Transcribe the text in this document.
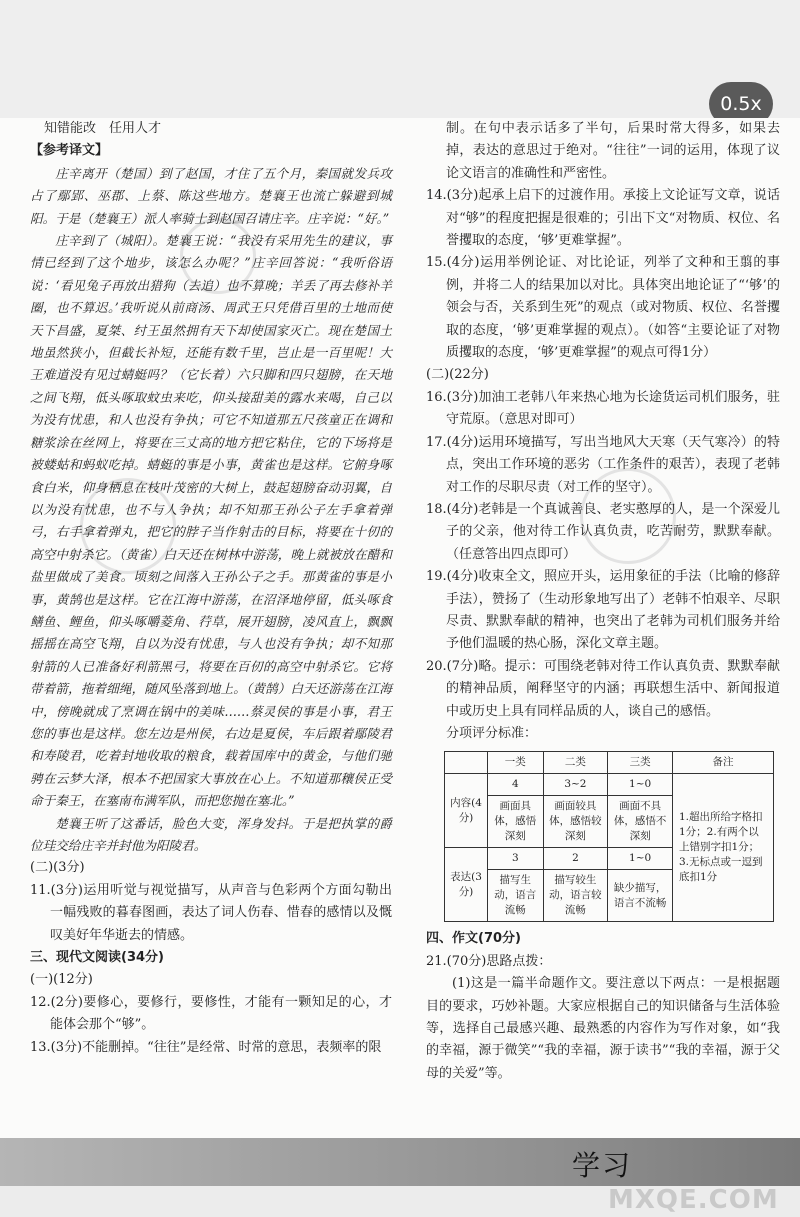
0.5x

知错能改　任用人才

【参考译文】

庄辛离开（楚国）到了赵国，才住了五个月，秦国就发兵攻占了鄢郢、巫郡、上蔡、陈这些地方。楚襄王也流亡躲避到城阳。于是（楚襄王）派人率骑士到赵国召请庄辛。庄辛说：“好。”

庄辛到了（城阳）。楚襄王说：“我没有采用先生的建议，事情已经到了这个地步，该怎么办呢？”庄辛回答说：“我听俗语说：‘看见兔子再放出猎狗（去追）也不算晚；羊丢了再去修补羊圈，也不算迟。’我听说从前商汤、周武王只凭借百里的土地而使天下昌盛，夏桀、纣王虽然拥有天下却使国家灭亡。现在楚国土地虽然狭小，但截长补短，还能有数千里，岂止是一百里呢！大王难道没有见过蜻蜓吗？（它长着）六只脚和四只翅膀，在天地之间飞翔，低头啄取蚊虫来吃，仰头接甜美的露水来喝，自己以为没有忧患，和人也没有争执；可它不知道那五尺孩童正在调和糖浆涂在丝网上，将要在三丈高的地方把它粘住，它的下场将是被蝼蛄和蚂蚁吃掉。蜻蜓的事是小事，黄雀也是这样。它俯身啄食白米，仰身栖息在枝叶茂密的大树上，鼓起翅膀奋动羽翼，自以为没有忧患，也不与人争执；却不知那王孙公子左手拿着弹弓，右手拿着弹丸，把它的脖子当作射击的目标，将要在十仞的高空中射杀它。（黄雀）白天还在树林中游荡，晚上就被放在醋和盐里做成了美食。顷刻之间落入王孙公子之手。那黄雀的事是小事，黄鹄也是这样。它在江海中游荡，在沼泽地停留，低头啄食鳝鱼、鲤鱼，仰头啄嚼菱角、荇草，展开翅膀，凌风直上，飘飘摇摇在高空飞翔，自以为没有忧患，与人也没有争执；却不知那射箭的人已准备好利箭黑弓，将要在百仞的高空中射杀它。它将带着箭，拖着细绳，随风坠落到地上。（黄鹄）白天还游荡在江海中，傍晚就成了烹调在锅中的美味……蔡灵侯的事是小事，君王您的事也是这样。您左边是州侯，右边是夏侯，车后跟着鄢陵君和寿陵君，吃着封地收取的粮食，载着国库中的黄金，与他们驰骋在云梦大泽，根本不把国家大事放在心上。不知道那穰侯正受命于秦王，在塞南布满军队，而把您抛在塞北。”

楚襄王听了这番话，脸色大变，浑身发抖。于是把执掌的爵位珪交给庄辛并封他为阳陵君。

(二)(3分)

11.(3分)运用听觉与视觉描写，从声音与色彩两个方面勾勒出一幅残败的暮春图画，表达了词人伤春、惜春的感情以及慨叹美好年华逝去的情感。

三、现代文阅读(34分)

(一)(12分)

12.(2分)要修心，要修行，要修性，才能有一颗知足的心，才能体会那个“够”。

13.(3分)不能删掉。“往往”是经常、时常的意思，表频率的限

制。在句中表示话多了半句，后果时常大得多，如果去掉，表达的意思过于绝对。“往往”一词的运用，体现了议论文语言的准确性和严密性。

14.(3分)起承上启下的过渡作用。承接上文论证写文章，说话对“够”的程度把握是很难的；引出下文“对物质、权位、名誉攫取的态度，‘够’更难掌握”。

15.(4分)运用举例论证、对比论证，列举了文种和王翦的事例，并将二人的结果加以对比。具体突出地论证了“‘够’的领会与否，关系到生死”的观点（或对物质、权位、名誉攫取的态度，‘够’更难掌握的观点）。（如答“主要论证了对物质攫取的态度，‘够’更难掌握”的观点可得1分）

(二)(22分)

16.(3分)加油工老韩八年来热心地为长途货运司机们服务，驻守荒原。（意思对即可）

17.(4分)运用环境描写，写出当地风大天寒（天气寒冷）的特点，突出工作环境的恶劣（工作条件的艰苦），表现了老韩对工作的尽职尽责（对工作的坚守）。

18.(4分)老韩是一个真诚善良、老实憨厚的人，是一个深爱儿子的父亲，他对待工作认真负责，吃苦耐劳，默默奉献。（任意答出四点即可）

19.(4分)收束全文，照应开头，运用象征的手法（比喻的修辞手法），赞扬了（生动形象地写出了）老韩不怕艰辛、尽职尽责、默默奉献的精神，也突出了老韩为司机们服务并给予他们温暖的热心肠，深化文章主题。

20.(7分)略。提示：可围绕老韩对待工作认真负责、默默奉献的精神品质，阐释坚守的内涵；再联想生活中、新闻报道中或历史上具有同样品质的人，谈自己的感悟。

分项评分标准：

	一类	二类	三类	备注
内容(4分)	4	3~2	1~0	1.超出所给字格扣1分；2.有两个以上错别字扣1分；3.无标点或一逗到底扣1分
	画面具体，感悟深刻	画面较具体，感悟较深刻	画面不具体，感悟不深刻	
表达(3分)	3	2	1~0	
	描写生动，语言流畅	描写较生动，语言较流畅	缺少描写，语言不流畅	

四、作文(70分)

21.(70分)思路点拨：

(1)这是一篇半命题作文。要注意以下两点：一是根据题目的要求，巧妙补题。大家应根据自己的知识储备与生活体验等，选择自己最感兴趣、最熟悉的内容作为写作对象，如“我的幸福，源于微笑”“我的幸福，源于读书”“我的幸福，源于父母的关爱”等。

学习
MXQE.COM
